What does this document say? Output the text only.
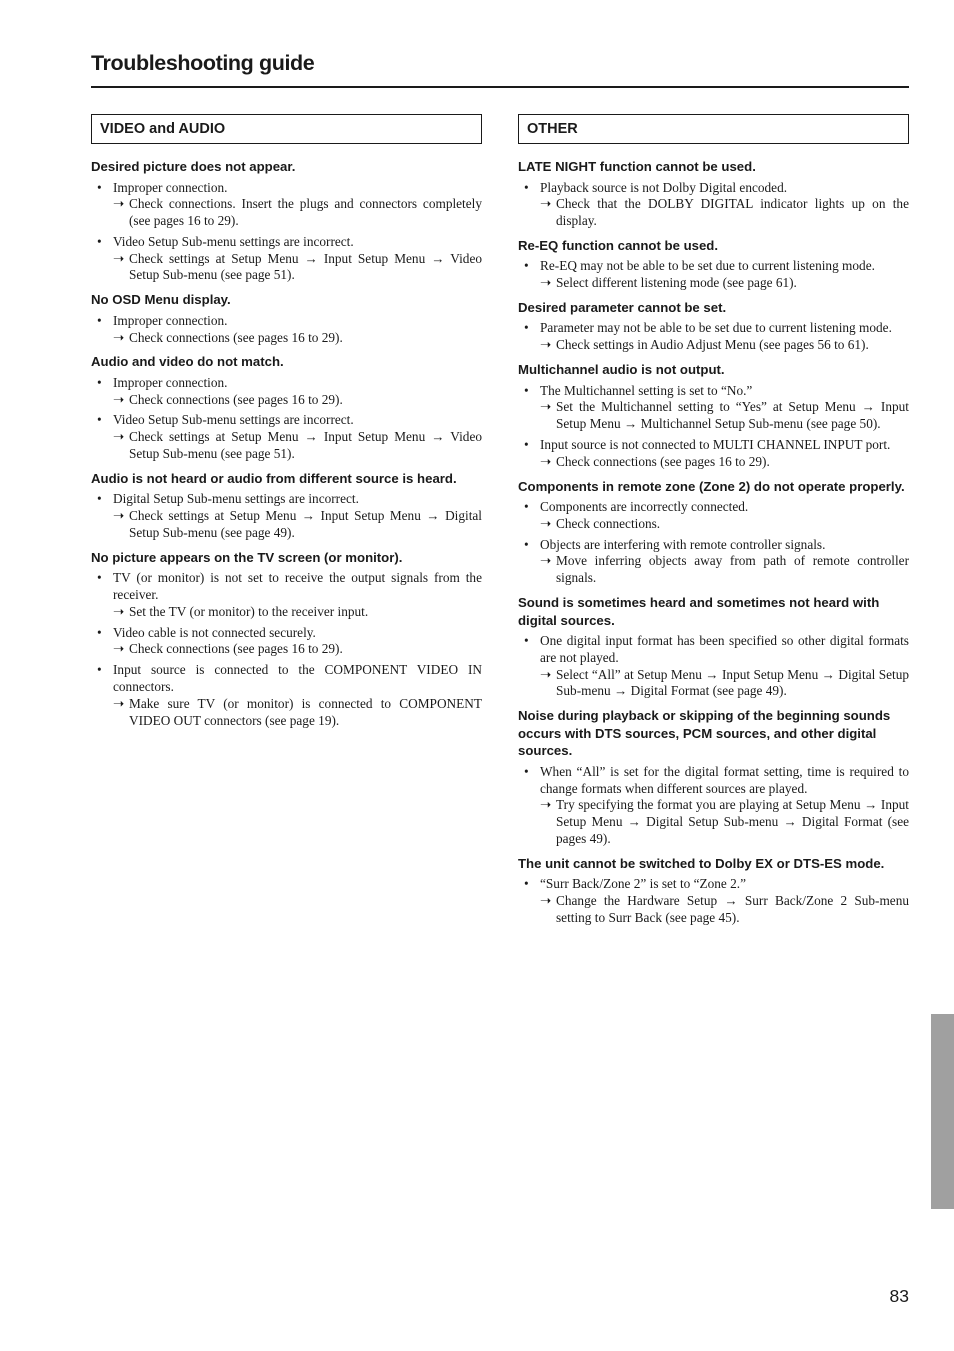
Troubleshooting guide
VIDEO and AUDIO
Desired picture does not appear.
• Improper connection.
➝ Check connections. Insert the plugs and connectors completely (see pages 16 to 29).
• Video Setup Sub-menu settings are incorrect.
➝ Check settings at Setup Menu → Input Setup Menu → Video Setup Sub-menu (see page 51).
No OSD Menu display.
• Improper connection.
➝ Check connections (see pages 16 to 29).
Audio and video do not match.
• Improper connection.
➝ Check connections (see pages 16 to 29).
• Video Setup Sub-menu settings are incorrect.
➝ Check settings at Setup Menu → Input Setup Menu → Video Setup Sub-menu (see page 51).
Audio is not heard or audio from different source is heard.
• Digital Setup Sub-menu settings are incorrect.
➝ Check settings at Setup Menu → Input Setup Menu → Digital Setup Sub-menu (see page 49).
No picture appears on the TV screen (or monitor).
• TV (or monitor) is not set to receive the output signals from the receiver.
➝ Set the TV (or monitor) to the receiver input.
• Video cable is not connected securely.
➝ Check connections (see pages 16 to 29).
• Input source is connected to the COMPONENT VIDEO IN connectors.
➝ Make sure TV (or monitor) is connected to COMPONENT VIDEO OUT connectors (see page 19).
OTHER
LATE NIGHT function cannot be used.
• Playback source is not Dolby Digital encoded.
➝ Check that the DOLBY DIGITAL indicator lights up on the display.
Re-EQ function cannot be used.
• Re-EQ may not be able to be set due to current listening mode.
➝ Select different listening mode (see page 61).
Desired parameter cannot be set.
• Parameter may not be able to be set due to current listening mode.
➝ Check settings in Audio Adjust Menu (see pages 56 to 61).
Multichannel audio is not output.
• The Multichannel setting is set to “No.”
➝ Set the Multichannel setting to “Yes” at Setup Menu → Input Setup Menu → Multichannel Setup Sub-menu (see page 50).
• Input source is not connected to MULTI CHANNEL INPUT port.
➝ Check connections (see pages 16 to 29).
Components in remote zone (Zone 2) do not operate properly.
• Components are incorrectly connected.
➝ Check connections.
• Objects are interfering with remote controller signals.
➝ Move inferring objects away from path of remote controller signals.
Sound is sometimes heard and sometimes not heard with digital sources.
• One digital input format has been specified so other digital formats are not played.
➝ Select “All” at Setup Menu → Input Setup Menu → Digital Setup Sub-menu → Digital Format (see page 49).
Noise during playback or skipping of the beginning sounds occurs with DTS sources, PCM sources, and other digital sources.
• When “All” is set for the digital format setting, time is required to change formats when different sources are played.
➝ Try specifying the format you are playing at Setup Menu → Input Setup Menu → Digital Setup Sub-menu → Digital Format (see pages 49).
The unit cannot be switched to Dolby EX or DTS-ES mode.
• “Surr Back/Zone 2” is set to “Zone 2.”
➝ Change the Hardware Setup → Surr Back/Zone 2 Sub-menu setting to Surr Back (see page 45).
83
